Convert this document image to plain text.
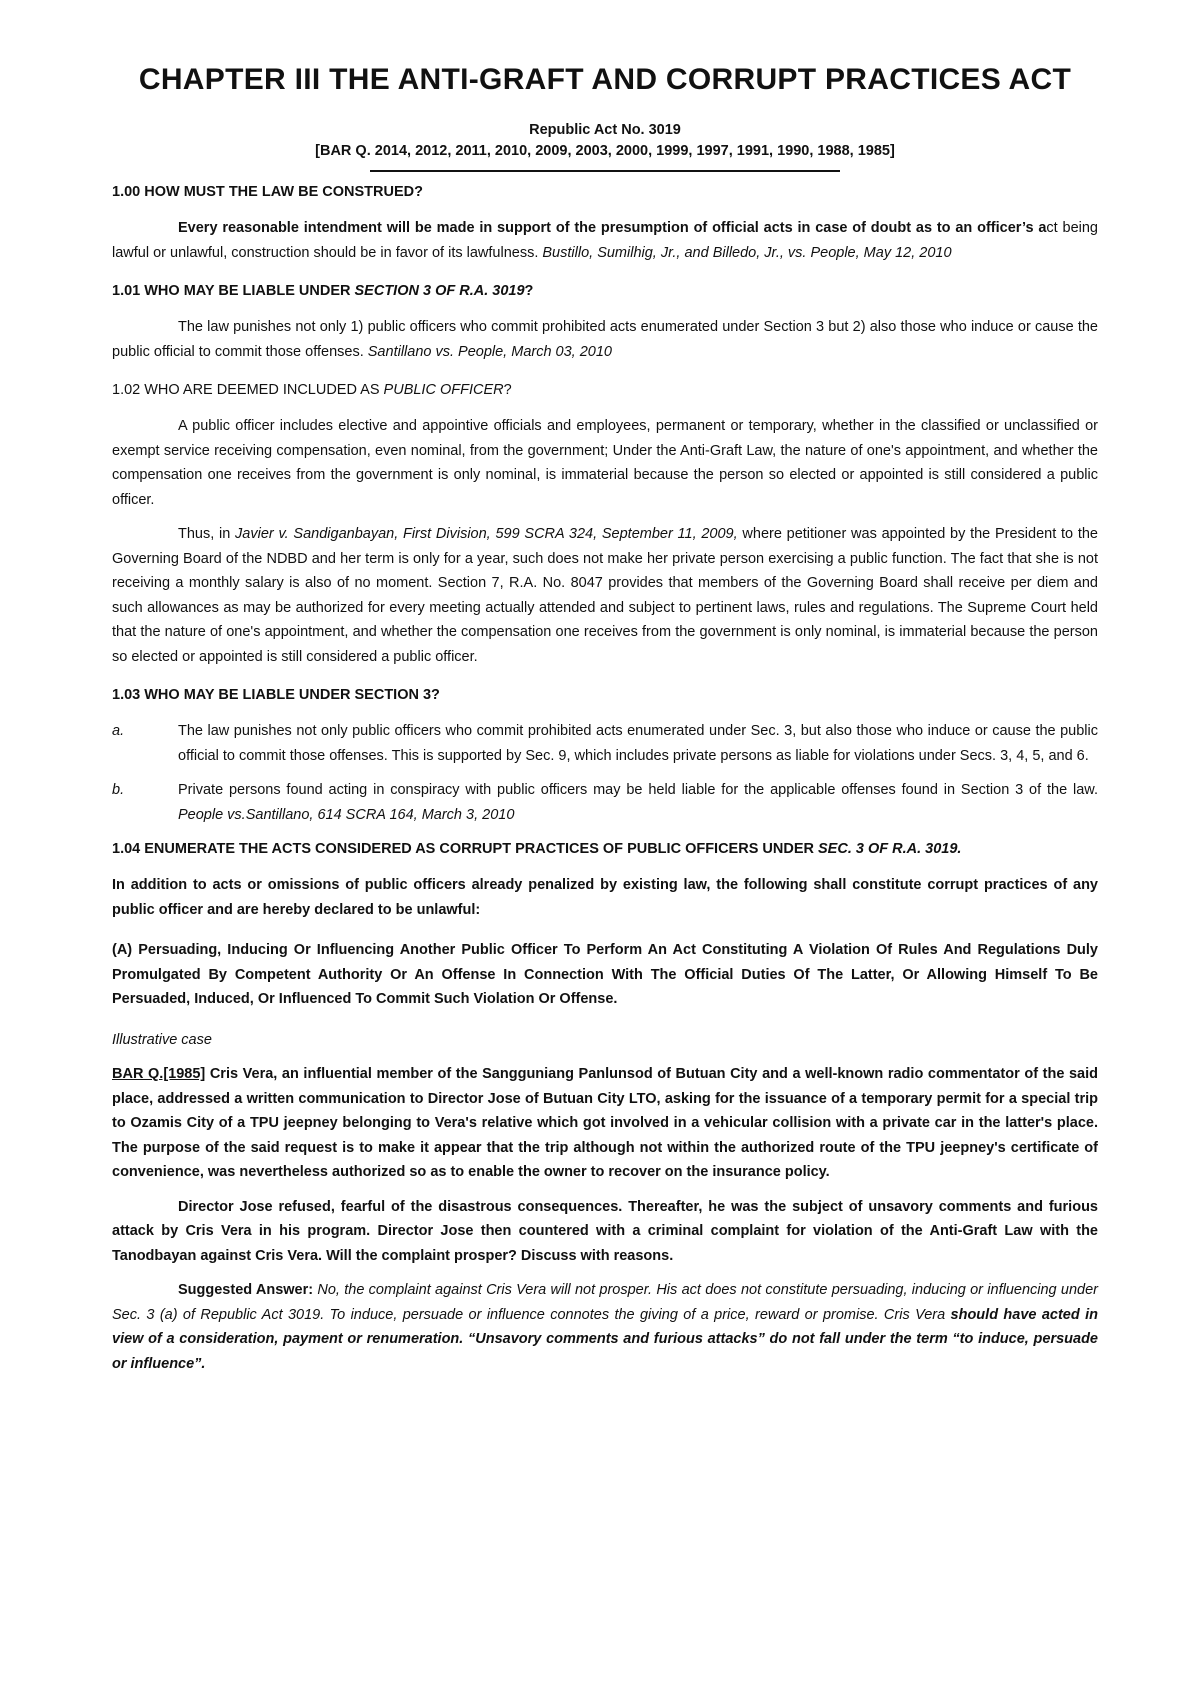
CHAPTER III THE ANTI-GRAFT AND CORRUPT PRACTICES ACT

Republic Act No. 3019

[BAR Q. 2014, 2012, 2011, 2010, 2009, 2003, 2000, 1999, 1997, 1991, 1990, 1988, 1985]

1.00 HOW MUST THE LAW BE CONSTRUED?

Every reasonable intendment will be made in support of the presumption of official acts in case of doubt as to an officer’s act being lawful or unlawful, construction should be in favor of its lawfulness. Bustillo, Sumilhig, Jr., and Billedo, Jr., vs. People, May 12, 2010

1.01 WHO MAY BE LIABLE UNDER SECTION 3 OF R.A. 3019?

The law punishes not only 1) public officers who commit prohibited acts enumerated under Section 3 but 2) also those who induce or cause the public official to commit those offenses. Santillano vs. People, March 03, 2010

1.02 WHO ARE DEEMED INCLUDED AS PUBLIC OFFICER?

A public officer includes elective and appointive officials and employees, permanent or temporary, whether in the classified or unclassified or exempt service receiving compensation, even nominal, from the government; Under the Anti-Graft Law, the nature of one's appointment, and whether the compensation one receives from the government is only nominal, is immaterial because the person so elected or appointed is still considered a public officer.

Thus, in Javier v. Sandiganbayan, First Division, 599 SCRA 324, September 11, 2009, where petitioner was appointed by the President to the Governing Board of the NDBD and her term is only for a year, such does not make her private person exercising a public function. The fact that she is not receiving a monthly salary is also of no moment. Section 7, R.A. No. 8047 provides that members of the Governing Board shall receive per diem and such allowances as may be authorized for every meeting actually attended and subject to pertinent laws, rules and regulations. The Supreme Court held that the nature of one's appointment, and whether the compensation one receives from the government is only nominal, is immaterial because the person so elected or appointed is still considered a public officer.

1.03 WHO MAY BE LIABLE UNDER SECTION 3?

a.	The law punishes not only public officers who commit prohibited acts enumerated under Sec. 3, but also those who induce or cause the public official to commit those offenses. This is supported by Sec. 9, which includes private persons as liable for violations under Secs. 3, 4, 5, and 6.
b.	Private persons found acting in conspiracy with public officers may be held liable for the applicable offenses found in Section 3 of the law. People vs.Santillano, 614 SCRA 164, March 3, 2010

1.04 ENUMERATE THE ACTS CONSIDERED AS CORRUPT PRACTICES OF PUBLIC OFFICERS UNDER SEC. 3 OF R.A. 3019.

In addition to acts or omissions of public officers already penalized by existing law, the following shall constitute corrupt practices of any public officer and are hereby declared to be unlawful:

(A) Persuading, Inducing Or Influencing Another Public Officer To Perform An Act Constituting A Violation Of Rules And Regulations Duly Promulgated By Competent Authority Or An Offense In Connection With The Official Duties Of The Latter, Or Allowing Himself To Be Persuaded, Induced, Or Influenced To Commit Such Violation Or Offense.

Illustrative case

BAR Q.[1985] Cris Vera, an influential member of the Sangguniang Panlunsod of Butuan City and a well-known radio commentator of the said place, addressed a written communication to Director Jose of Butuan City LTO, asking for the issuance of a temporary permit for a special trip to Ozamis City of a TPU jeepney belonging to Vera's relative which got involved in a vehicular collision with a private car in the latter's place. The purpose of the said request is to make it appear that the trip although not within the authorized route of the TPU jeepney's certificate of convenience, was nevertheless authorized so as to enable the owner to recover on the insurance policy.

Director Jose refused, fearful of the disastrous consequences. Thereafter, he was the subject of unsavory comments and furious attack by Cris Vera in his program. Director Jose then countered with a criminal complaint for violation of the Anti-Graft Law with the Tanodbayan against Cris Vera. Will the complaint prosper? Discuss with reasons.

Suggested Answer: No, the complaint against Cris Vera will not prosper. His act does not constitute persuading, inducing or influencing under Sec. 3 (a) of Republic Act 3019. To induce, persuade or influence connotes the giving of a price, reward or promise. Cris Vera should have acted in view of a consideration, payment or renumeration. “Unsavory comments and furious attacks” do not fall under the term “to induce, persuade or influence”.
